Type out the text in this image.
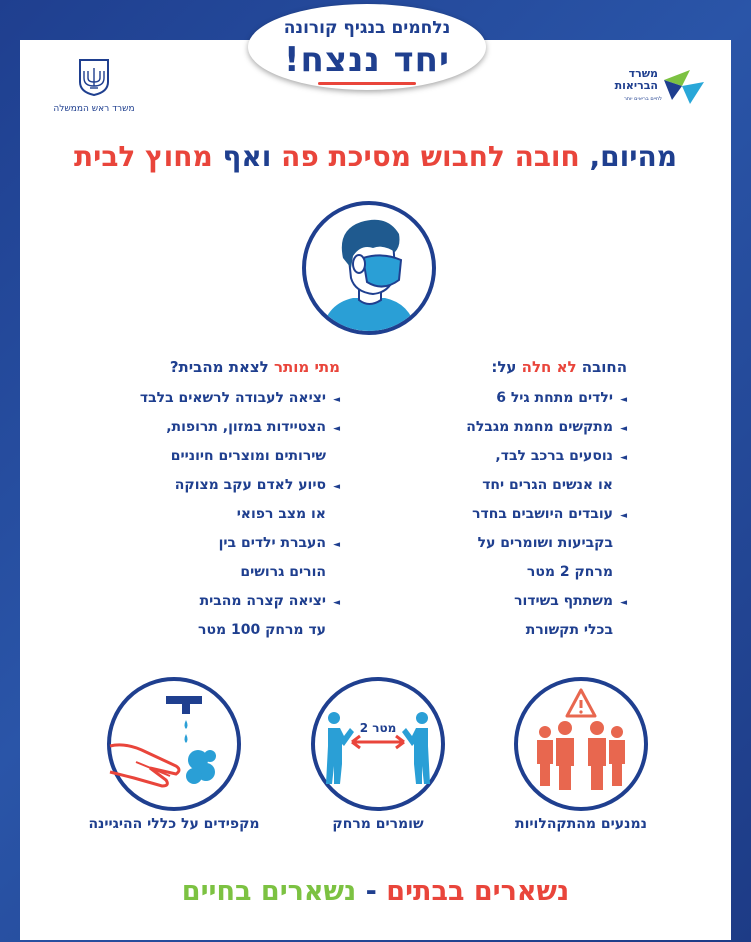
נלחמים בנגיף קורונה
יחד ננצח!
משרד ראש הממשלה
משרד הבריאות
לחיים בריאים יותר
מהיום, חובה לחבוש מסיכת פה ואף מחוץ לבית
החובה לא חלה על:
◄ילדים מתחת גיל 6
◄מתקשים מחמת מגבלה
◄נוסעים ברכב לבד,
או אנשים הגרים יחד
◄עובדים היושבים בחדר
בקביעות ושומרים על
מרחק 2 מטר
◄משתתף בשידור
בכלי תקשורת
מתי מותר לצאת מהבית?
◄יציאה לעבודה לרשאים בלבד
◄הצטיידות במזון, תרופות,
שירותים ומוצרים חיוניים
◄סיוע לאדם עקב מצוקה
או מצב רפואי
◄העברת ילדים בין
הורים גרושים
◄יציאה קצרה מהבית
עד מרחק 100 מטר
מקפידים על כללי ההיגיינה
2 מטר
שומרים מרחק	נמנעים מהתקהלויות
נשארים בבתים - נשארים בחיים
